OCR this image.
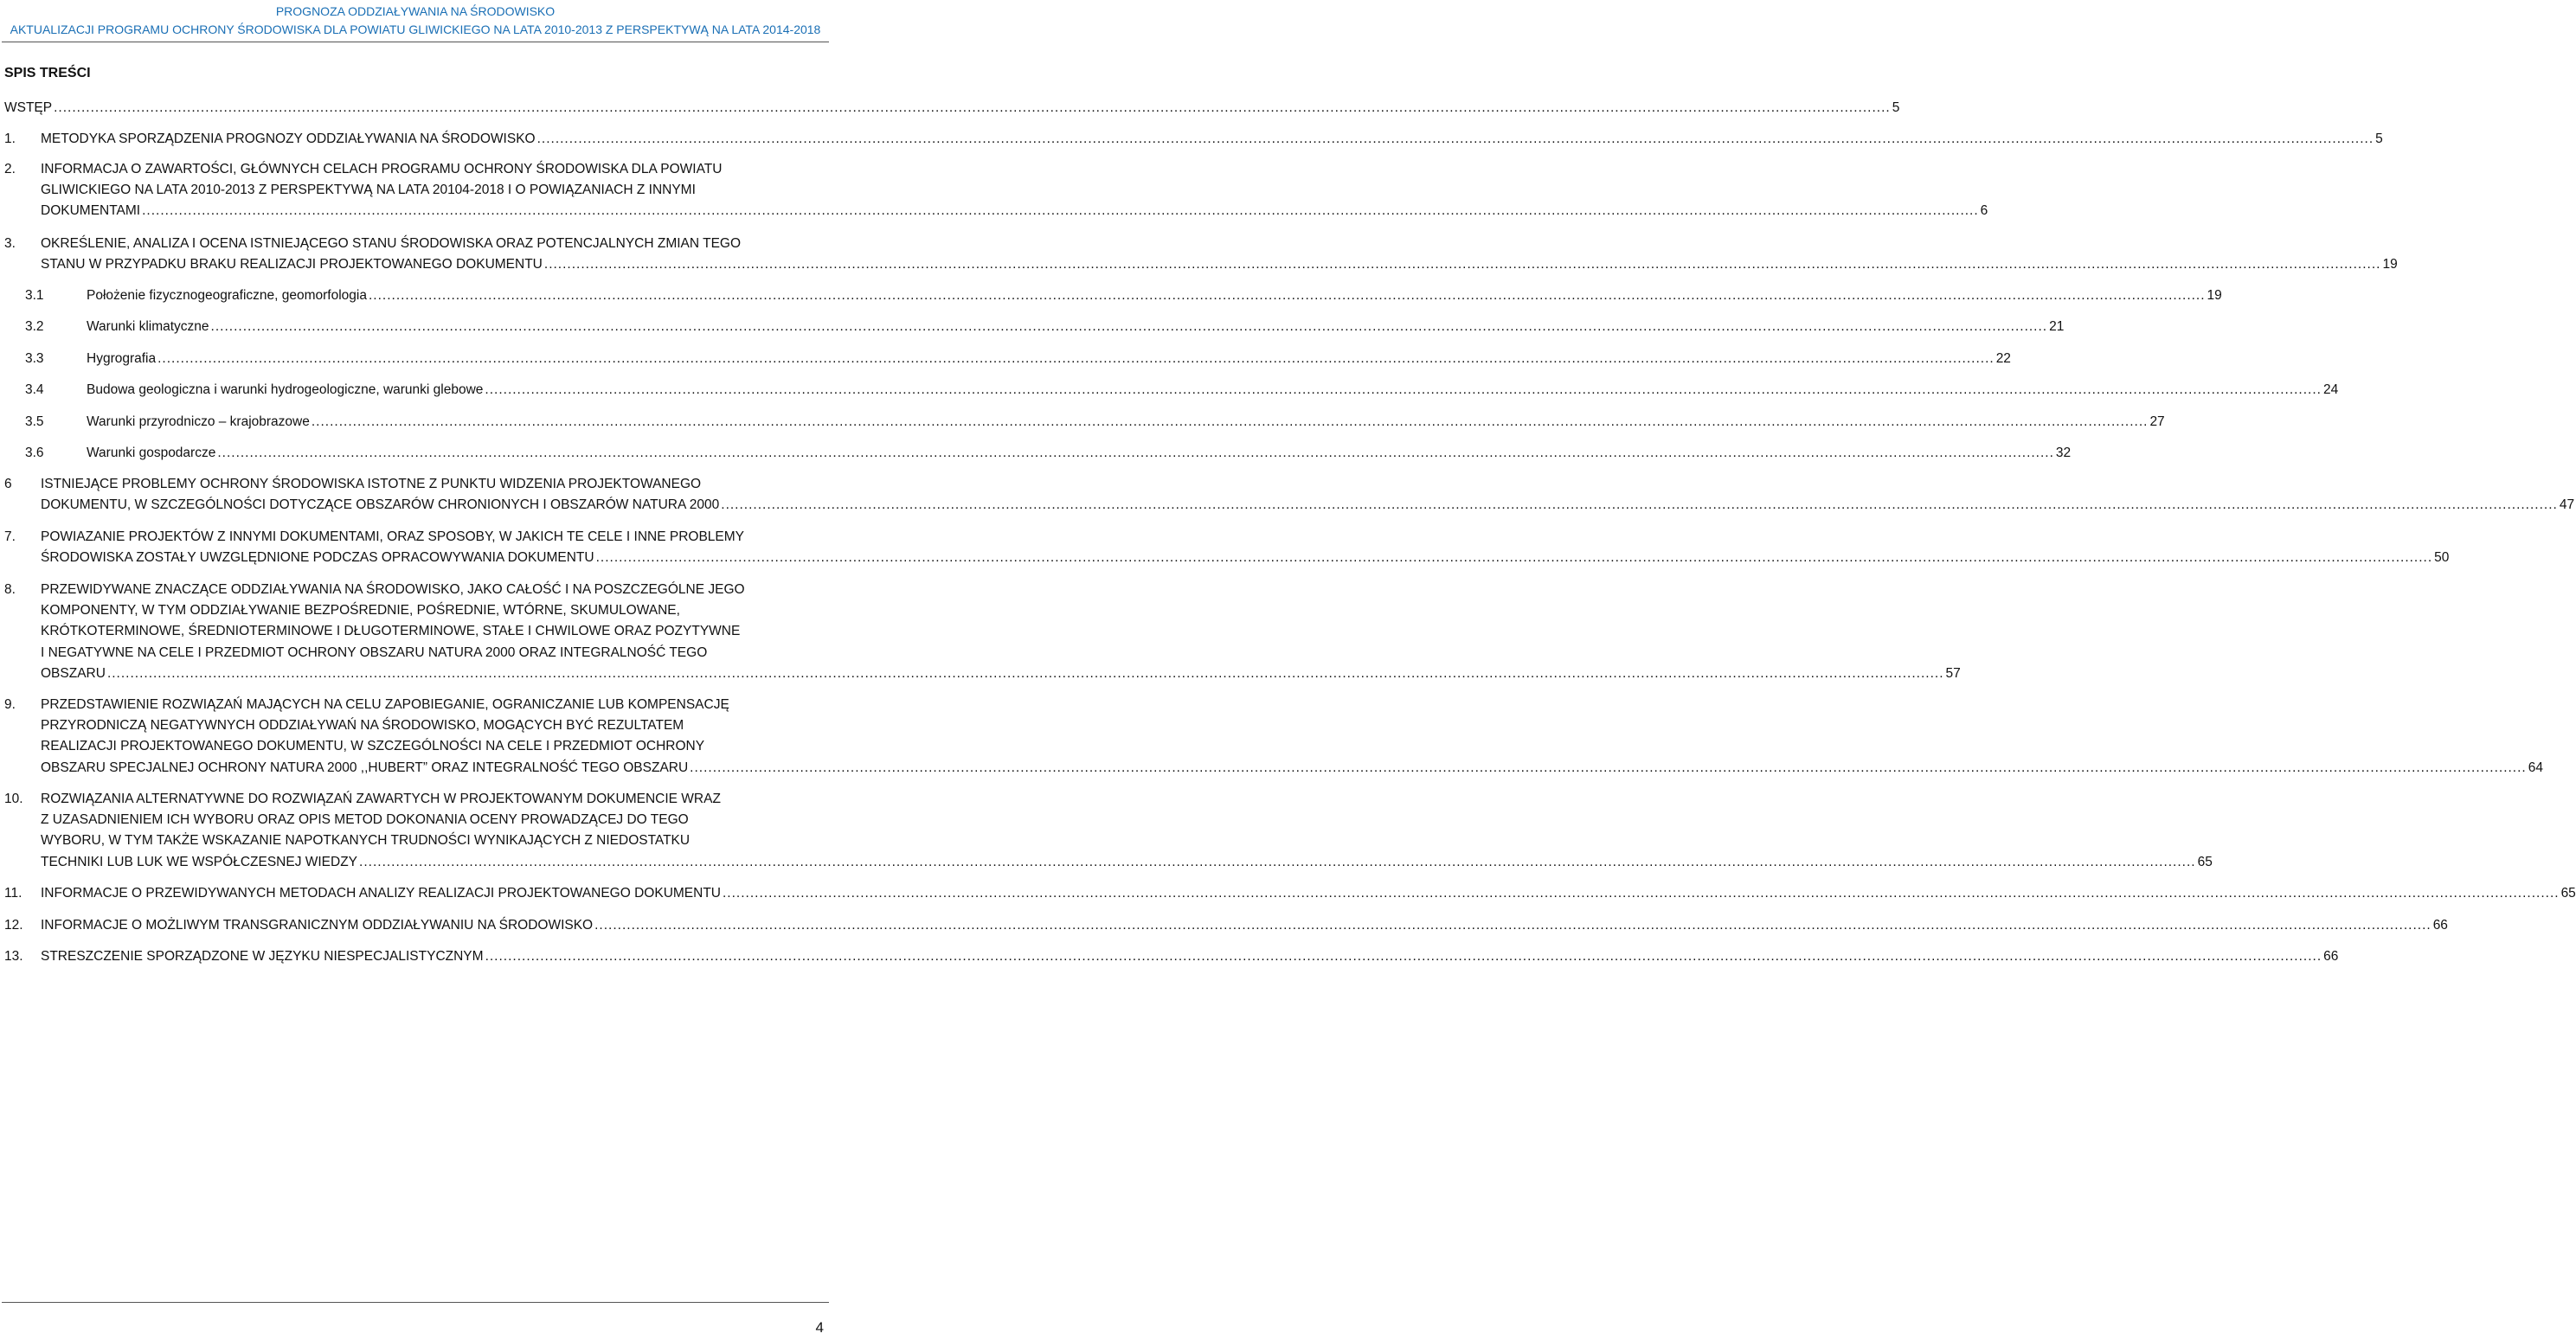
PROGNOZA ODDZIAŁYWANIA NA ŚRODOWISKO
AKTUALIZACJI PROGRAMU OCHRONY ŚRODOWISKA DLA POWIATU GLIWICKIEGO NA LATA 2010-2013 Z PERSPEKTYWĄ NA LATA 2014-2018
SPIS TREŚCI
WSTĘP ................................................................................................................................................................................................................................................................................................................................................................................................................ 5
1. METODYKA SPORZĄDZENIA PROGNOZY ODDZIAŁYWANIA NA ŚRODOWISKO ................................................................................................................................................................................................................................................................................................................................................................................................................ 5
2. INFORMACJA O ZAWARTOŚCI, GŁÓWNYCH CELACH PROGRAMU OCHRONY ŚRODOWISKA DLA POWIATU
GLIWICKIEGO NA LATA 2010-2013 Z PERSPEKTYWĄ NA LATA 20104-2018 I O POWIĄZANIACH Z INNYMI
DOKUMENTAMI ................................................................................................................................................................................................................................................................................................................................................................................................................ 6
3. OKREŚLENIE, ANALIZA I OCENA ISTNIEJĄCEGO STANU ŚRODOWISKA ORAZ POTENCJALNYCH ZMIAN TEGO
STANU W PRZYPADKU BRAKU REALIZACJI PROJEKTOWANEGO DOKUMENTU ................................................................................................................................................................................................................................................................................................................................................................................................................ 19
3.1	Położenie fizycznogeograficzne, geomorfologia ................................................................................................................................................................................................................................................................................................................................................................................................................ 19
3.2	Warunki klimatyczne ................................................................................................................................................................................................................................................................................................................................................................................................................ 21
3.3	Hygrografia ................................................................................................................................................................................................................................................................................................................................................................................................................ 22
3.4	Budowa geologiczna i warunki hydrogeologiczne, warunki glebowe ................................................................................................................................................................................................................................................................................................................................................................................................................ 24
3.5	Warunki przyrodniczo – krajobrazowe ................................................................................................................................................................................................................................................................................................................................................................................................................ 27
3.6	Warunki gospodarcze ................................................................................................................................................................................................................................................................................................................................................................................................................ 32
6 ISTNIEJĄCE PROBLEMY OCHRONY ŚRODOWISKA ISTOTNE Z PUNKTU WIDZENIA PROJEKTOWANEGO
DOKUMENTU, W SZCZEGÓLNOŚCI DOTYCZĄCE OBSZARÓW CHRONIONYCH I OBSZARÓW NATURA 2000 ................................................................................................................................................................................................................................................................................................................................................................................................................ 47
7. POWIAZANIE PROJEKTÓW Z INNYMI DOKUMENTAMI, ORAZ SPOSOBY, W JAKICH TE CELE I INNE PROBLEMY
ŚRODOWISKA ZOSTAŁY UWZGLĘDNIONE PODCZAS OPRACOWYWANIA DOKUMENTU ................................................................................................................................................................................................................................................................................................................................................................................................................ 50
8. PRZEWIDYWANE ZNACZĄCE ODDZIAŁYWANIA NA ŚRODOWISKO, JAKO CAŁOŚĆ I NA POSZCZEGÓLNE JEGO
KOMPONENTY, W TYM ODDZIAŁYWANIE BEZPOŚREDNIE, POŚREDNIE, WTÓRNE, SKUMULOWANE,
KRÓTKOTERMINOWE, ŚREDNIOTERMINOWE I DŁUGOTERMINOWE, STAŁE I CHWILOWE ORAZ POZYTYWNE
I NEGATYWNE NA CELE I PRZEDMIOT OCHRONY OBSZARU NATURA 2000 ORAZ INTEGRALNOŚĆ TEGO
OBSZARU ................................................................................................................................................................................................................................................................................................................................................................................................................ 57
9. PRZEDSTAWIENIE ROZWIĄZAŃ MAJĄCYCH NA CELU ZAPOBIEGANIE, OGRANICZANIE LUB KOMPENSACJĘ
PRZYRODNICZĄ NEGATYWNYCH ODDZIAŁYWAŃ NA ŚRODOWISKO, MOGĄCYCH BYĆ REZULTATEM
REALIZACJI PROJEKTOWANEGO DOKUMENTU, W SZCZEGÓLNOŚCI NA CELE I PRZEDMIOT OCHRONY
OBSZARU SPECJALNEJ OCHRONY NATURA 2000 ,,HUBERT” ORAZ INTEGRALNOŚĆ TEGO OBSZARU ................................................................................................................................................................................................................................................................................................................................................................................................................ 64
10. ROZWIĄZANIA ALTERNATYWNE DO ROZWIĄZAŃ ZAWARTYCH W PROJEKTOWANYM DOKUMENCIE WRAZ
Z UZASADNIENIEM ICH WYBORU ORAZ OPIS METOD DOKONANIA OCENY PROWADZĄCEJ DO TEGO
WYBORU, W TYM TAKŻE WSKAZANIE NAPOTKANYCH TRUDNOŚCI WYNIKAJĄCYCH Z NIEDOSTATKU
TECHNIKI LUB LUK WE WSPÓŁCZESNEJ WIEDZY ................................................................................................................................................................................................................................................................................................................................................................................................................ 65
11. INFORMACJE O PRZEWIDYWANYCH METODACH ANALIZY REALIZACJI PROJEKTOWANEGO DOKUMENTU ................................................................................................................................................................................................................................................................................................................................................................................................................ 65
12. INFORMACJE O MOŻLIWYM TRANSGRANICZNYM ODDZIAŁYWANIU NA ŚRODOWISKO ................................................................................................................................................................................................................................................................................................................................................................................................................ 66
13. STRESZCZENIE SPORZĄDZONE W JĘZYKU NIESPECJALISTYCZNYM ................................................................................................................................................................................................................................................................................................................................................................................................................ 66
4
